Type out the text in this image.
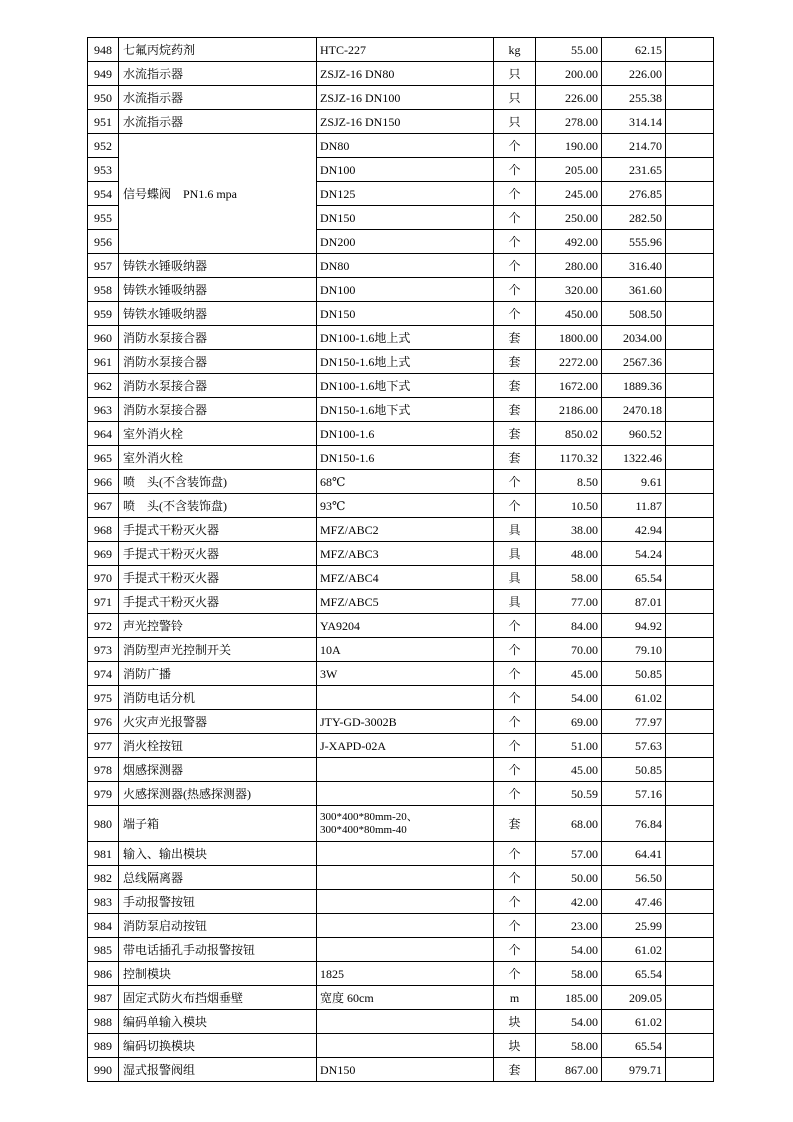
948	七氟丙烷药剂	HTC-227	kg	55.00	62.15	
949	水流指示器	ZSJZ-16 DN80	只	200.00	226.00	
950	水流指示器	ZSJZ-16 DN100	只	226.00	255.38	
951	水流指示器	ZSJZ-16 DN150	只	278.00	314.14	
952	信号蝶阀　PN1.6 mpa	DN80	个	190.00	214.70	
953		DN100	个	205.00	231.65	
954		DN125	个	245.00	276.85	
955		DN150	个	250.00	282.50	
956		DN200	个	492.00	555.96	
957	铸铁水锤吸纳器	DN80	个	280.00	316.40	
958	铸铁水锤吸纳器	DN100	个	320.00	361.60	
959	铸铁水锤吸纳器	DN150	个	450.00	508.50	
960	消防水泵接合器	DN100-1.6地上式	套	1800.00	2034.00	
961	消防水泵接合器	DN150-1.6地上式	套	2272.00	2567.36	
962	消防水泵接合器	DN100-1.6地下式	套	1672.00	1889.36	
963	消防水泵接合器	DN150-1.6地下式	套	2186.00	2470.18	
964	室外消火栓	DN100-1.6	套	850.02	960.52	
965	室外消火栓	DN150-1.6	套	1170.32	1322.46	
966	喷　头(不含装饰盘)	68℃	个	8.50	9.61	
967	喷　头(不含装饰盘)	93℃	个	10.50	11.87	
968	手提式干粉灭火器	MFZ/ABC2	具	38.00	42.94	
969	手提式干粉灭火器	MFZ/ABC3	具	48.00	54.24	
970	手提式干粉灭火器	MFZ/ABC4	具	58.00	65.54	
971	手提式干粉灭火器	MFZ/ABC5	具	77.00	87.01	
972	声光控警铃	YA9204	个	84.00	94.92	
973	消防型声光控制开关	10A	个	70.00	79.10	
974	消防广播	3W	个	45.00	50.85	
975	消防电话分机		个	54.00	61.02	
976	火灾声光报警器	JTY-GD-3002B	个	69.00	77.97	
977	消火栓按钮	J-XAPD-02A	个	51.00	57.63	
978	烟感探测器		个	45.00	50.85	
979	火感探测器(热感探测器)		个	50.59	57.16	
980	端子箱	300*400*80mm-20、
300*400*80mm-40	套	68.00	76.84	
981	输入、输出模块		个	57.00	64.41	
982	总线隔离器		个	50.00	56.50	
983	手动报警按钮		个	42.00	47.46	
984	消防泵启动按钮		个	23.00	25.99	
985	带电话插孔手动报警按钮		个	54.00	61.02	
986	控制模块	1825	个	58.00	65.54	
987	固定式防火布挡烟垂壁	宽度 60cm	m	185.00	209.05	
988	编码单输入模块		块	54.00	61.02	
989	编码切换模块		块	58.00	65.54	
990	湿式报警阀组	DN150	套	867.00	979.71	
